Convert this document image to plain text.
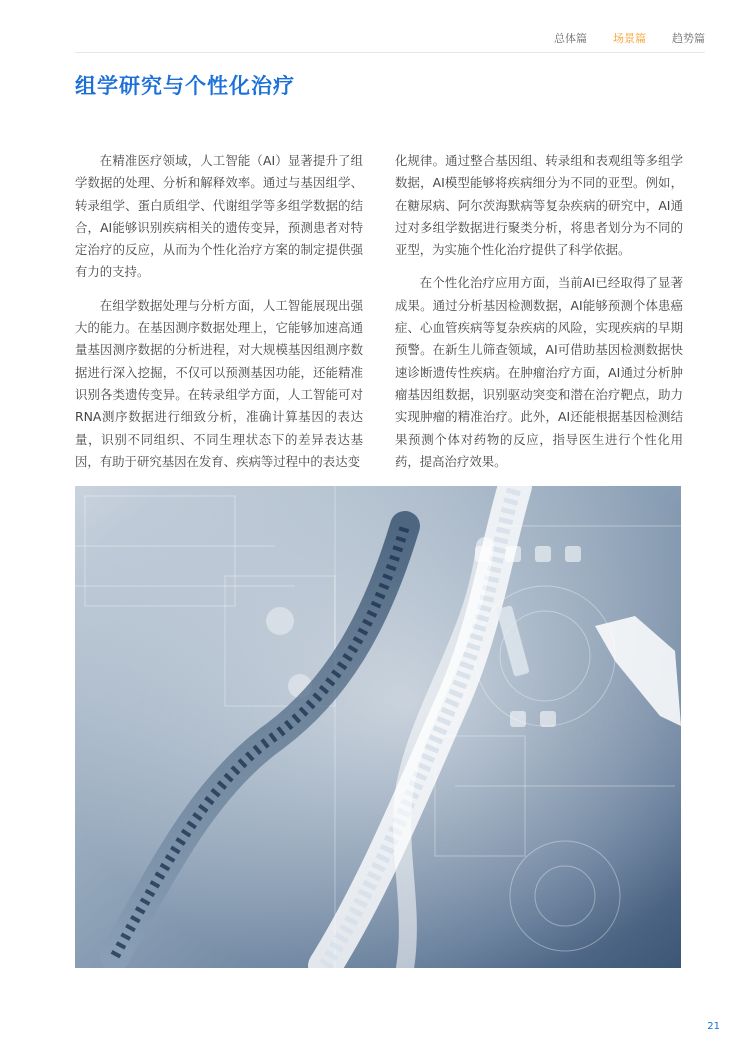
总体篇 场景篇 趋势篇
组学研究与个性化治疗

在精准医疗领域，人工智能（AI）显著提升了组学数据的处理、分析和解释效率。通过与基因组学、转录组学、蛋白质组学、代谢组学等多组学数据的结合，AI能够识别疾病相关的遗传变异，预测患者对特定治疗的反应，从而为个性化治疗方案的制定提供强有力的支持。

在组学数据处理与分析方面，人工智能展现出强大的能力。在基因测序数据处理上，它能够加速高通量基因测序数据的分析进程，对大规模基因组测序数据进行深入挖掘，不仅可以预测基因功能，还能精准识别各类遗传变异。在转录组学方面，人工智能可对RNA测序数据进行细致分析，准确计算基因的表达量，识别不同组织、不同生理状态下的差异表达基因，有助于研究基因在发育、疾病等过程中的表达变

化规律。通过整合基因组、转录组和表观组等多组学数据，AI模型能够将疾病细分为不同的亚型。例如，在糖尿病、阿尔茨海默病等复杂疾病的研究中，AI通过对多组学数据进行聚类分析，将患者划分为不同的亚型，为实施个性化治疗提供了科学依据。

在个性化治疗应用方面，当前AI已经取得了显著成果。通过分析基因检测数据，AI能够预测个体患癌症、心血管疾病等复杂疾病的风险，实现疾病的早期预警。在新生儿筛查领域，AI可借助基因检测数据快速诊断遗传性疾病。在肿瘤治疗方面，AI通过分析肿瘤基因组数据，识别驱动突变和潜在治疗靶点，助力实现肿瘤的精准治疗。此外，AI还能根据基因检测结果预测个体对药物的反应，指导医生进行个性化用药，提高治疗效果。

21
